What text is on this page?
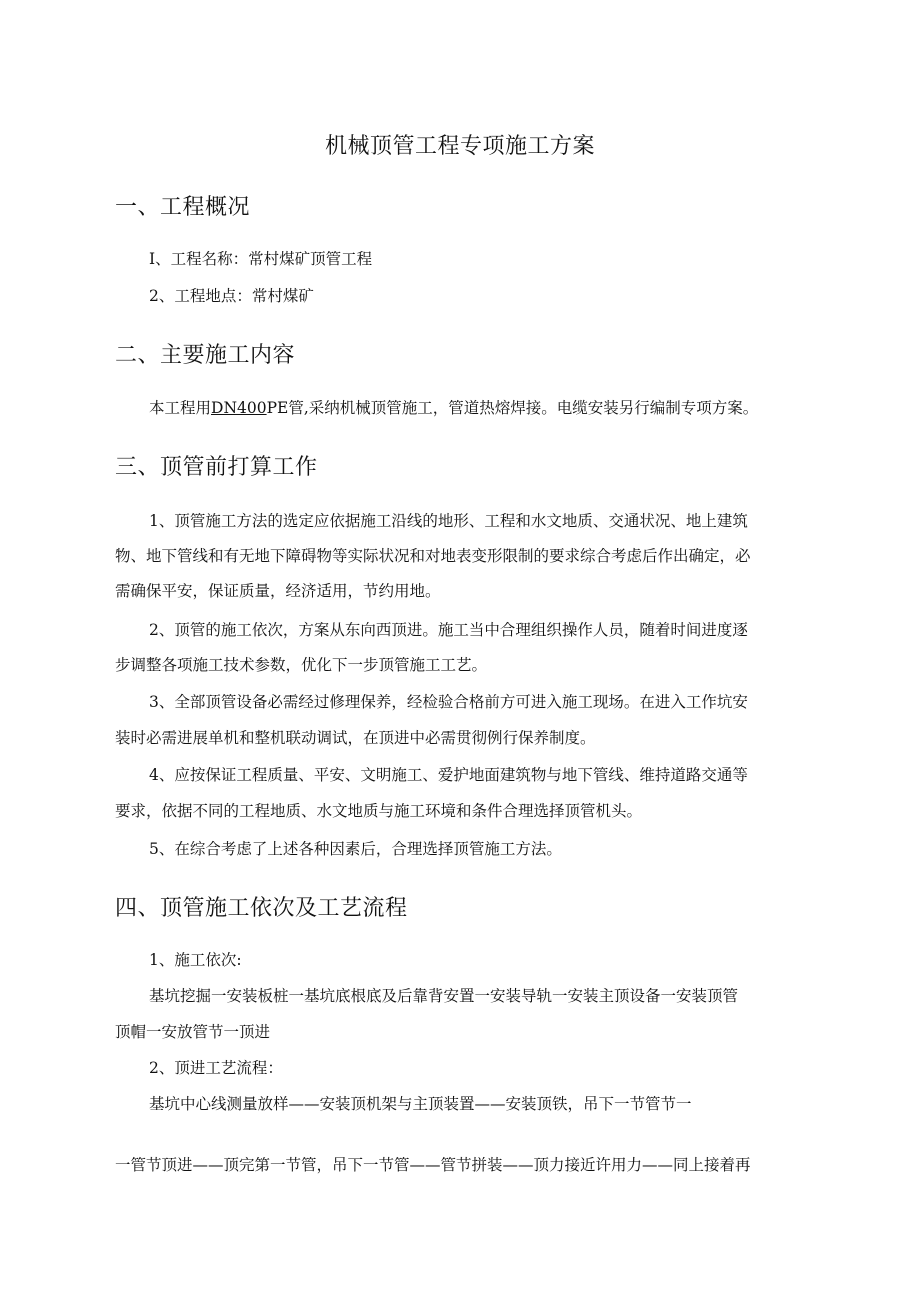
机械顶管工程专项施工方案
一、工程概况
I、工程名称：常村煤矿顶管工程
2、工程地点：常村煤矿
二、主要施工内容
本工程用DN400PE管,采纳机械顶管施工，管道热熔焊接。电缆安装另行编制专项方案。
三、顶管前打算工作
1、顶管施工方法的选定应依据施工沿线的地形、工程和水文地质、交通状况、地上建筑
物、地下管线和有无地下障碍物等实际状况和对地表变形限制的要求综合考虑后作出确定，必
需确保平安，保证质量，经济适用，节约用地。
2、顶管的施工依次，方案从东向西顶进。施工当中合理组织操作人员，随着时间进度逐
步调整各项施工技术参数，优化下一步顶管施工工艺。
3、全部顶管设备必需经过修理保养，经检验合格前方可进入施工现场。在进入工作坑安
装时必需进展单机和整机联动调试，在顶进中必需贯彻例行保养制度。
4、应按保证工程质量、平安、文明施工、爱护地面建筑物与地下管线、维持道路交通等
要求，依据不同的工程地质、水文地质与施工环境和条件合理选择顶管机头。
5、在综合考虑了上述各种因素后，合理选择顶管施工方法。
四、顶管施工依次及工艺流程
1、施工依次:
基坑挖掘一安装板桩一基坑底根底及后靠背安置一安装导轨一安装主顶设备一安装顶管
顶帽一安放管节一顶进
2、顶进工艺流程：
基坑中心线测量放样——安装顶机架与主顶装置——安装顶铁，吊下一节管节一
一管节顶进——顶完第一节管，吊下一节管——管节拼装——顶力接近许用力——同上接着再
